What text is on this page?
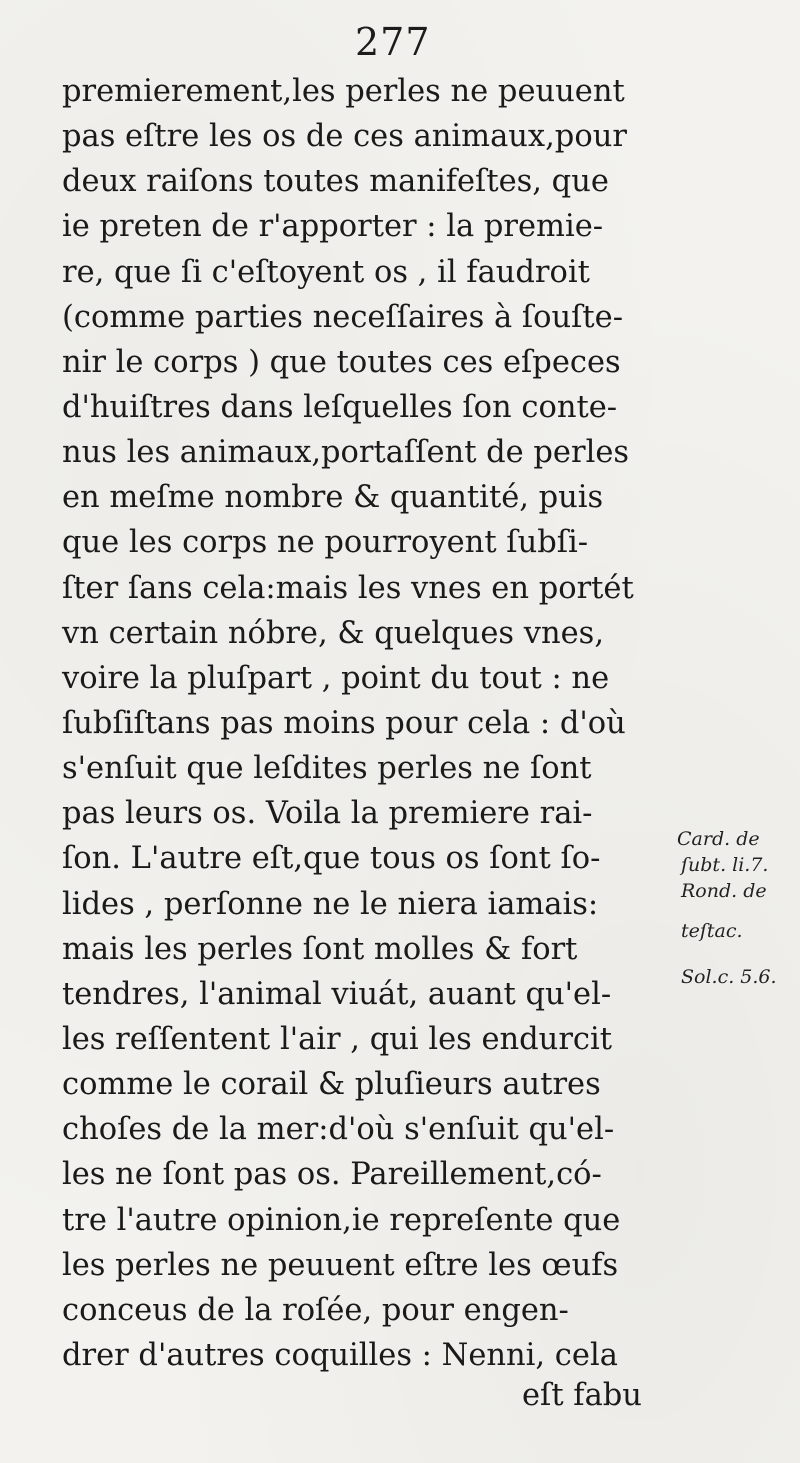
277
premierement,les perles ne peuuent
pas eſtre les os de ces animaux,pour
deux raiſons toutes manifeſtes, que
ie preten de r'apporter : la premie-
re, que ſi c'eſtoyent os , il faudroit
(comme parties neceſſaires à ſouſte-
nir le corps ) que toutes ces eſpeces
d'huiſtres dans leſquelles ſon conte-
nus les animaux,portaſſent de perles
en meſme nombre & quantité, puis
que les corps ne pourroyent ſubſi-
ſter ſans cela:mais les vnes en portét
vn certain nóbre, & quelques vnes,
voire la pluſpart , point du tout : ne
ſubſiſtans pas moins pour cela : d'où
s'enſuit que leſdites perles ne ſont
pas leurs os. Voila la premiere rai-
ſon. L'autre eſt,que tous os ſont ſo-
lides , perſonne ne le niera iamais:
mais les perles ſont molles & fort
tendres, l'animal viuát, auant qu'el-
les reſſentent l'air , qui les endurcit
comme le corail & pluſieurs autres
choſes de la mer:d'où s'enſuit qu'el-
les ne ſont pas os. Pareillement,có-
tre l'autre opinion,ie repreſente que
les perles ne peuuent eſtre les œufs
conceus de la roſée, pour engen-
drer d'autres coquilles : Nenni, cela
Card. de
ſubt. li.7.
Rond. de
teſtac.
Sol.c. 5.6.
eſt fabu
